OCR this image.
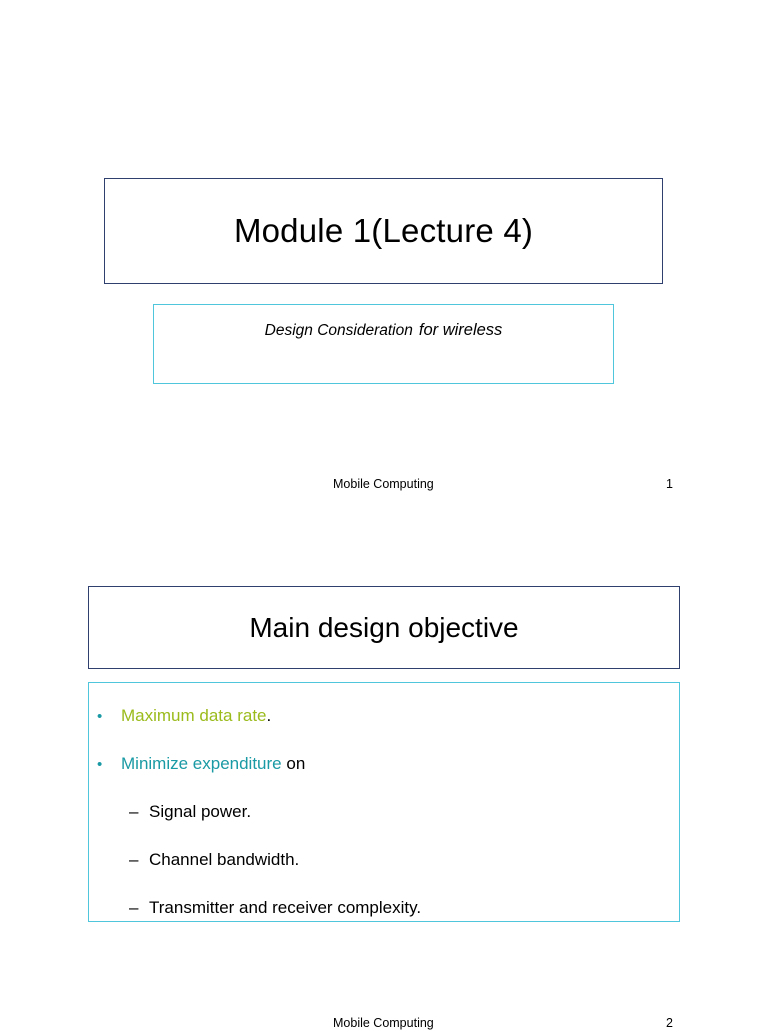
Module 1(Lecture 4)
Design Consideration for wireless
Mobile Computing	1
Main design objective
• Maximum data rate.
• Minimize expenditure on
– Signal power.
– Channel bandwidth.
– Transmitter and receiver complexity.
Mobile Computing	2
